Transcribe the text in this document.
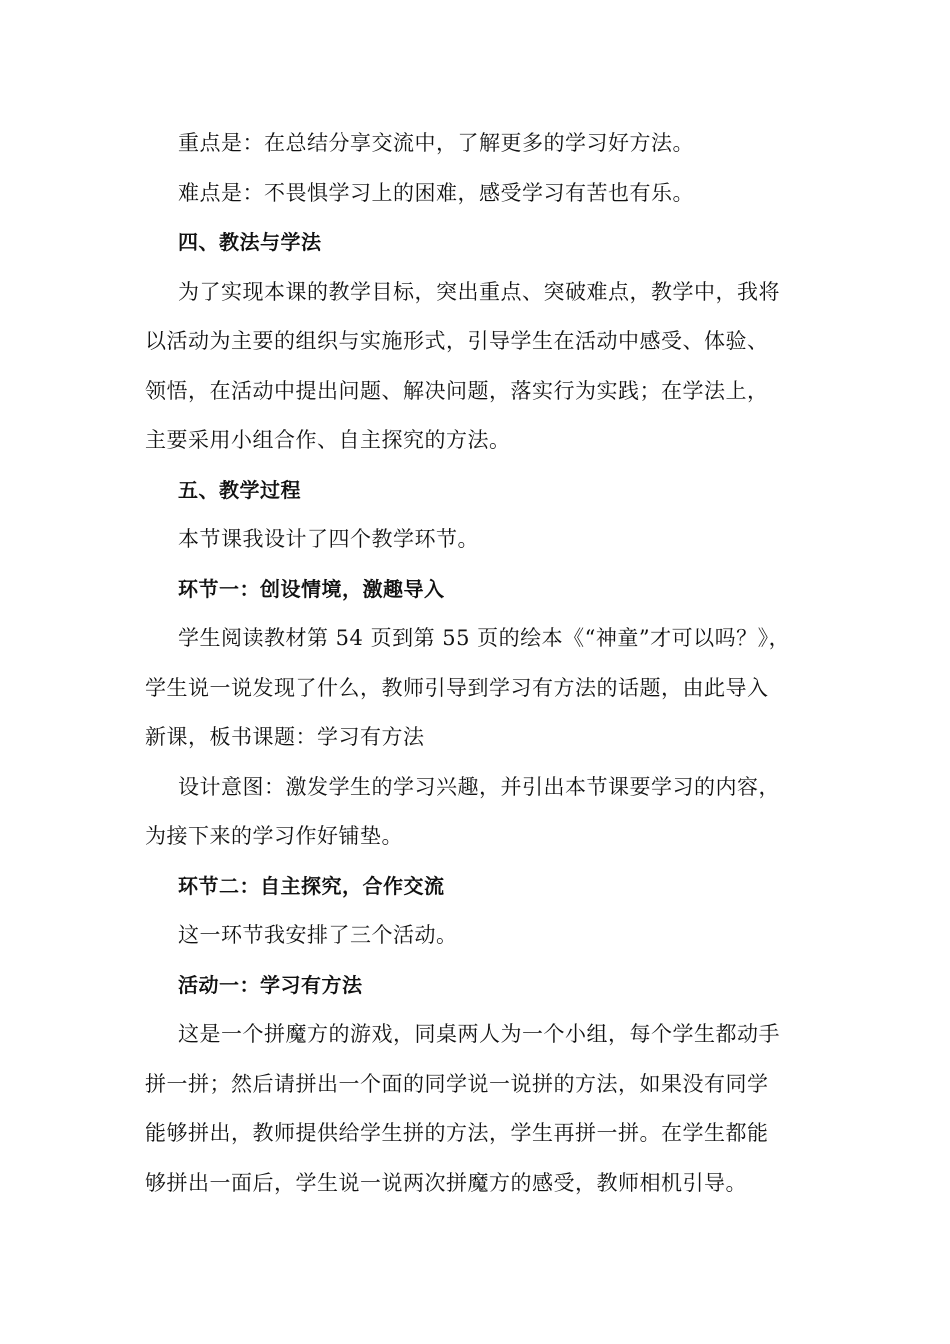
重点是：在总结分享交流中，了解更多的学习好方法。
难点是：不畏惧学习上的困难，感受学习有苦也有乐。
四、教法与学法
为了实现本课的教学目标，突出重点、突破难点，教学中，我将
以活动为主要的组织与实施形式，引导学生在活动中感受、体验、
领悟，在活动中提出问题、解决问题，落实行为实践；在学法上，
主要采用小组合作、自主探究的方法。
五、教学过程
本节课我设计了四个教学环节。
环节一：创设情境，激趣导入
学生阅读教材第 54 页到第 55 页的绘本《“神童”才可以吗？》，
学生说一说发现了什么，教师引导到学习有方法的话题，由此导入
新课，板书课题：学习有方法
设计意图：激发学生的学习兴趣，并引出本节课要学习的内容，
为接下来的学习作好铺垫。
环节二：自主探究，合作交流
这一环节我安排了三个活动。
活动一：学习有方法
这是一个拼魔方的游戏，同桌两人为一个小组，每个学生都动手
拼一拼；然后请拼出一个面的同学说一说拼的方法，如果没有同学
能够拼出，教师提供给学生拼的方法，学生再拼一拼。在学生都能
够拼出一面后，学生说一说两次拼魔方的感受，教师相机引导。
